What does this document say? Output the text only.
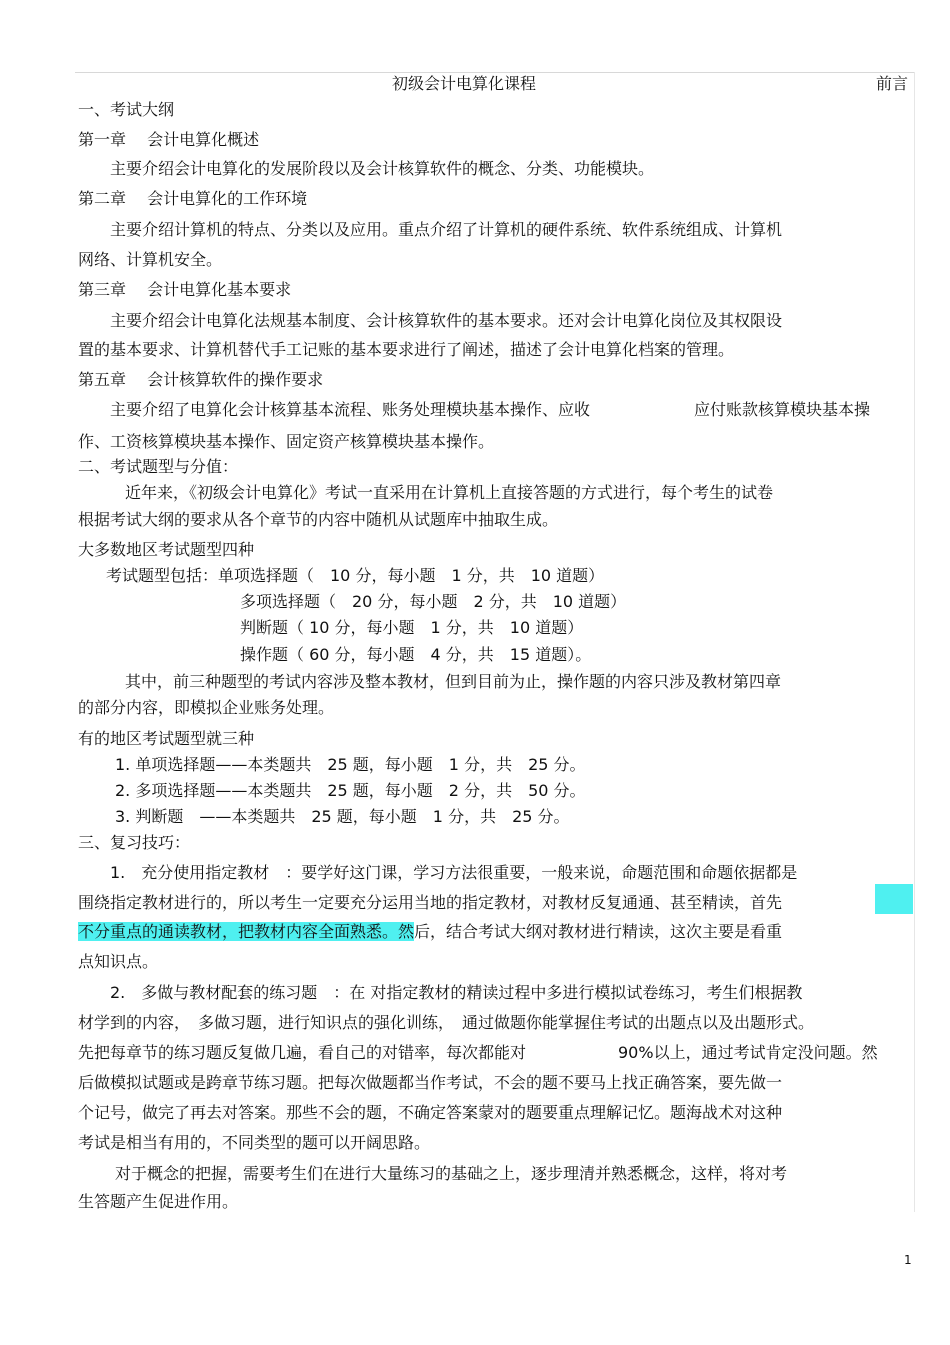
初级会计电算化课程	前言
一、考试大纲
第一章　 会计电算化概述
主要介绍会计电算化的发展阶段以及会计核算软件的概念、分类、功能模块。
第二章　 会计电算化的工作环境
主要介绍计算机的特点、分类以及应用。重点介绍了计算机的硬件系统、软件系统组成、计算机
网络、计算机安全。
第三章　 会计电算化基本要求
主要介绍会计电算化法规基本制度、会计核算软件的基本要求。还对会计电算化岗位及其权限设
置的基本要求、计算机替代手工记账的基本要求进行了阐述，描述了会计电算化档案的管理。
第五章　 会计核算软件的操作要求
主要介绍了电算化会计核算基本流程、账务处理模块基本操作、应收	应付账款核算模块基本操
作、工资核算模块基本操作、固定资产核算模块基本操作。
二、考试题型与分值：
近年来，《初级会计电算化》考试一直采用在计算机上直接答题的方式进行，每个考生的试卷
根据考试大纲的要求从各个章节的内容中随机从试题库中抽取生成。
大多数地区考试题型四种
考试题型包括：单项选择题（　10 分，每小题　1 分，共　10 道题）
多项选择题（　20 分，每小题　2 分，共　10 道题）
判断题（ 10 分，每小题　1 分，共　10 道题）
操作题（ 60 分，每小题　4 分，共　15 道题）。
其中，前三种题型的考试内容涉及整本教材，但到目前为止，操作题的内容只涉及教材第四章
的部分内容，即模拟企业账务处理。
有的地区考试题型就三种
1. 单项选择题——本类题共　25 题，每小题　1 分，共　25 分。
2. 多项选择题——本类题共　25 题，每小题　2 分，共　50 分。
3. 判断题　——本类题共　25 题，每小题　1 分，共　25 分。
三、复习技巧：
1.　充分使用指定教材　：要学好这门课，学习方法很重要，一般来说，命题范围和命题依据都是
围绕指定教材进行的，所以考生一定要充分运用当地的指定教材，对教材反复通通、甚至精读，首先
不分重点的通读教材，把教材内容全面熟悉。然后，结合考试大纲对教材进行精读，这次主要是看重
点知识点。
2.　多做与教材配套的练习题　：在 对指定教材的精读过程中多进行模拟试卷练习，考生们根据教
材学到的内容，　多做习题，进行知识点的强化训练，　通过做题你能掌握住考试的出题点以及出题形式。
先把每章节的练习题反复做几遍，看自己的对错率，每次都能对	90%以上，通过考试肯定没问题。然
后做模拟试题或是跨章节练习题。把每次做题都当作考试，不会的题不要马上找正确答案，要先做一
个记号，做完了再去对答案。那些不会的题，不确定答案蒙对的题要重点理解记忆。题海战术对这种
考试是相当有用的，不同类型的题可以开阔思路。
对于概念的把握，需要考生们在进行大量练习的基础之上，逐步理清并熟悉概念，这样，将对考
生答题产生促进作用。
1
